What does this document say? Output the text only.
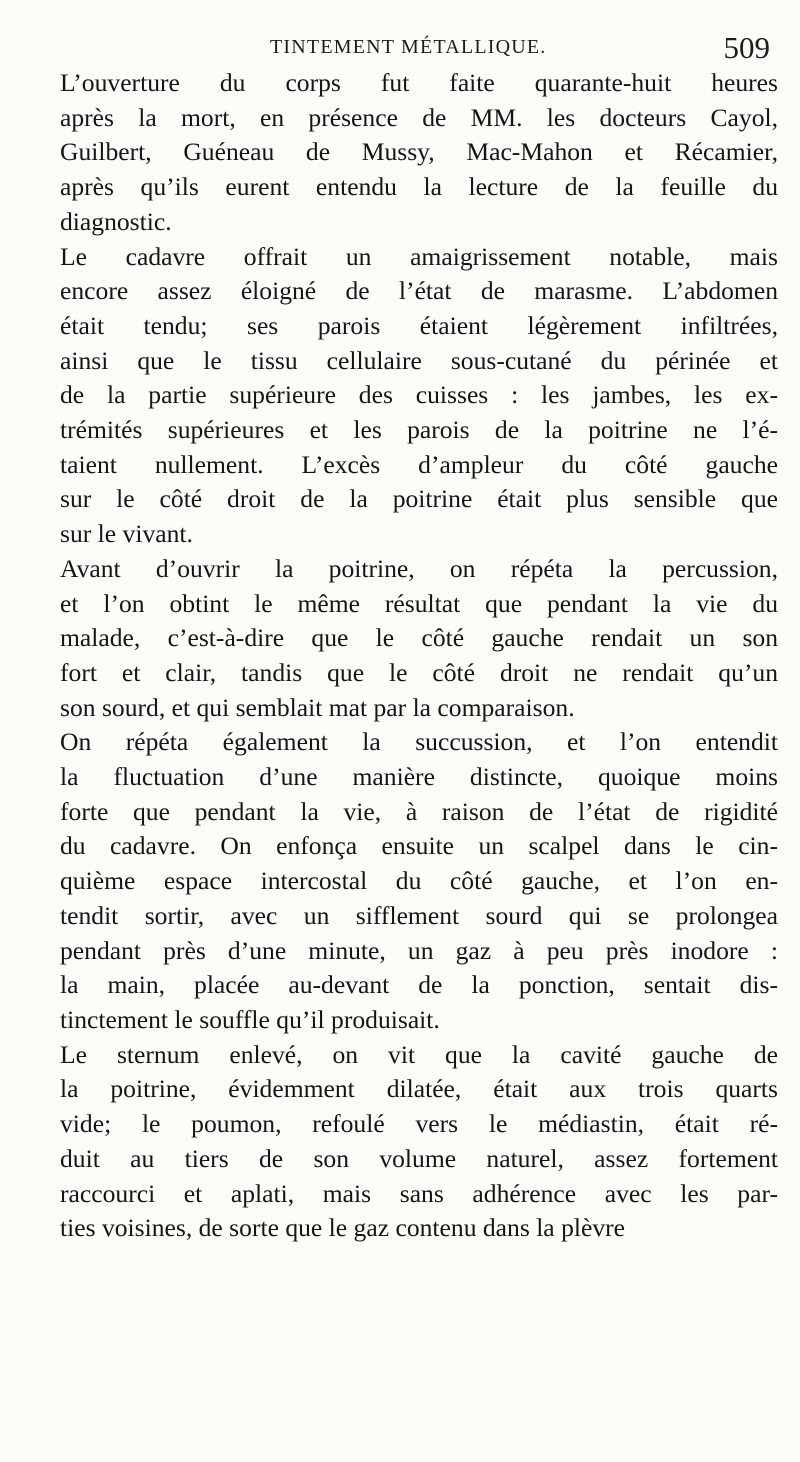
TINTEMENT MÉTALLIQUE.	509
L’ouverture du corps fut faite quarante-huit heures
après la mort, en présence de MM. les docteurs Cayol,
Guilbert, Guéneau de Mussy, Mac-Mahon et Récamier,
après qu’ils eurent entendu la lecture de la feuille du
diagnostic.
Le cadavre offrait un amaigrissement notable, mais
encore assez éloigné de l’état de marasme. L’abdomen
était tendu; ses parois étaient légèrement infiltrées,
ainsi que le tissu cellulaire sous-cutané du périnée et
de la partie supérieure des cuisses : les jambes, les ex-
trémités supérieures et les parois de la poitrine ne l’é-
taient nullement. L’excès d’ampleur du côté gauche
sur le côté droit de la poitrine était plus sensible que
sur le vivant.
Avant d’ouvrir la poitrine, on répéta la percussion,
et l’on obtint le même résultat que pendant la vie du
malade, c’est-à-dire que le côté gauche rendait un son
fort et clair, tandis que le côté droit ne rendait qu’un
son sourd, et qui semblait mat par la comparaison.
On répéta également la succussion, et l’on entendit
la fluctuation d’une manière distincte, quoique moins
forte que pendant la vie, à raison de l’état de rigidité
du cadavre. On enfonça ensuite un scalpel dans le cin-
quième espace intercostal du côté gauche, et l’on en-
tendit sortir, avec un sifflement sourd qui se prolongea
pendant près d’une minute, un gaz à peu près inodore :
la main, placée au-devant de la ponction, sentait dis-
tinctement le souffle qu’il produisait.
Le sternum enlevé, on vit que la cavité gauche de
la poitrine, évidemment dilatée, était aux trois quarts
vide; le poumon, refoulé vers le médiastin, était ré-
duit au tiers de son volume naturel, assez fortement
raccourci et aplati, mais sans adhérence avec les par-
ties voisines, de sorte que le gaz contenu dans la plèvre
